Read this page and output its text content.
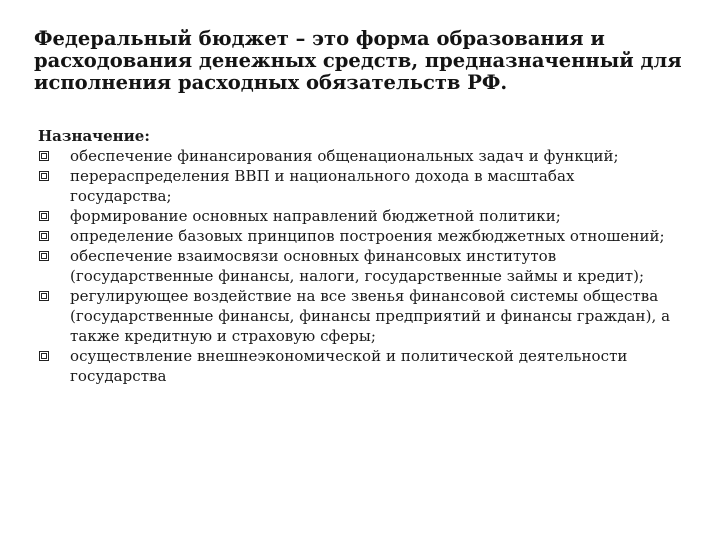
Федеральный бюджет – это форма образования и расходования денежных средств, предназначенный для исполнения расходных обязательств РФ.
Назначение:
обеспечение финансирования общенациональных задач и функций;
перераспределения ВВП и национального дохода в масштабах государства;
формирование основных направлений бюджетной политики;
определение базовых принципов построения межбюджетных отношений;
обеспечение взаимосвязи основных финансовых институтов (государственные финансы, налоги, государственные займы и кредит);
регулирующее воздействие на все звенья финансовой системы общества (государственные финансы, финансы предприятий и финансы граждан), а также кредитную и страховую сферы;
осуществление внешнеэкономической и политической деятельности государства
